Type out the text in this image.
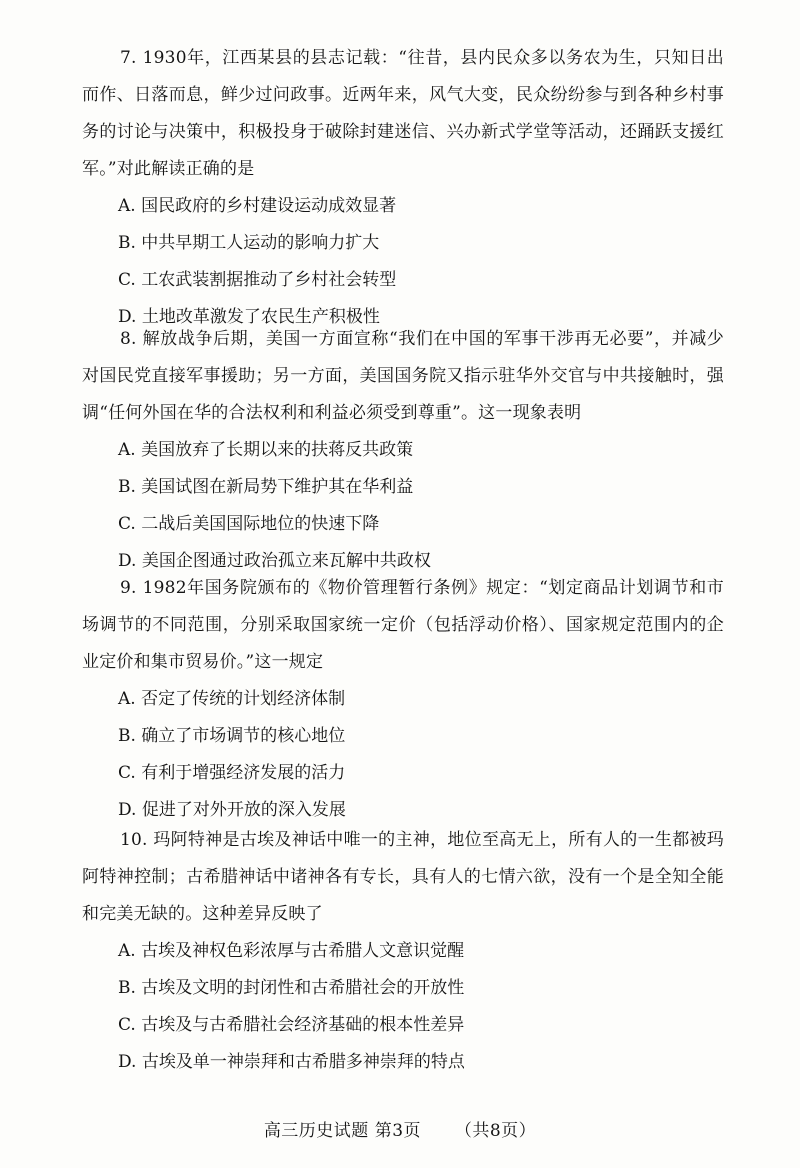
7. 1930年，江西某县的县志记载：“往昔，县内民众多以务农为生，只知日出而作、日落而息，鲜少过问政事。近两年来，风气大变，民众纷纷参与到各种乡村事务的讨论与决策中，积极投身于破除封建迷信、兴办新式学堂等活动，还踊跃支援红军。”对此解读正确的是

A. 国民政府的乡村建设运动成效显著

B. 中共早期工人运动的影响力扩大

C. 工农武装割据推动了乡村社会转型

D. 土地改革激发了农民生产积极性

8. 解放战争后期，美国一方面宣称“我们在中国的军事干涉再无必要”，并减少对国民党直接军事援助；另一方面，美国国务院又指示驻华外交官与中共接触时，强调“任何外国在华的合法权利和利益必须受到尊重”。这一现象表明

A. 美国放弃了长期以来的扶蒋反共政策

B. 美国试图在新局势下维护其在华利益

C. 二战后美国国际地位的快速下降

D. 美国企图通过政治孤立来瓦解中共政权

9. 1982年国务院颁布的《物价管理暂行条例》规定：“划定商品计划调节和市场调节的不同范围，分别采取国家统一定价（包括浮动价格）、国家规定范围内的企业定价和集市贸易价。”这一规定

A. 否定了传统的计划经济体制

B. 确立了市场调节的核心地位

C. 有利于增强经济发展的活力

D. 促进了对外开放的深入发展

10. 玛阿特神是古埃及神话中唯一的主神，地位至高无上，所有人的一生都被玛阿特神控制；古希腊神话中诸神各有专长，具有人的七情六欲，没有一个是全知全能和完美无缺的。这种差异反映了

A. 古埃及神权色彩浓厚与古希腊人文意识觉醒

B. 古埃及文明的封闭性和古希腊社会的开放性

C. 古埃及与古希腊社会经济基础的根本性差异

D. 古埃及单一神崇拜和古希腊多神崇拜的特点

高三历史试题 第3页 （共8页）
